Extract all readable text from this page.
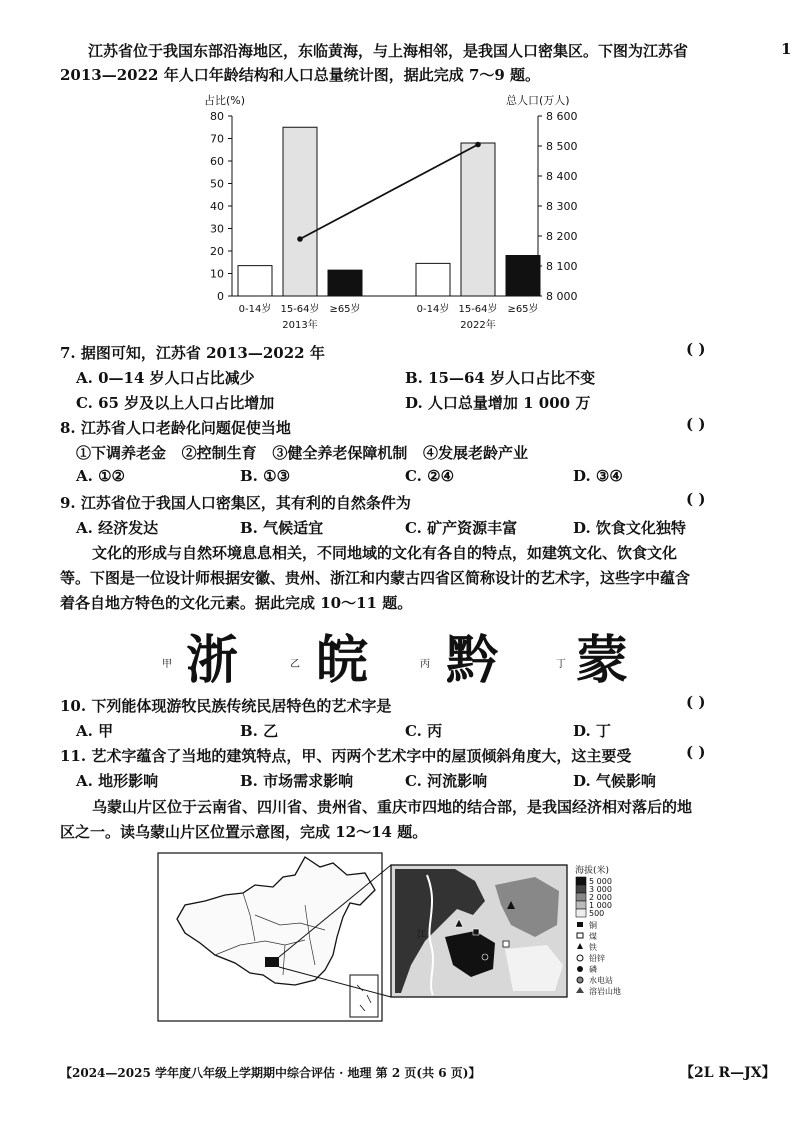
1
江苏省位于我国东部沿海地区，东临黄海，与上海相邻，是我国人口密集区。下图为江苏省
2013—2022 年人口年龄结构和人口总量统计图，据此完成 7～9 题。
占比(%)	总人口(万人)
0
10
20
30
40
50
60
70
80
8 000
8 100
8 200
8 300
8 400
8 500
8 600
0-14岁 15-64岁 ≥65岁
2013年
0-14岁 15-64岁 ≥65岁
2022年
7. 据图可知，江苏省 2013—2022 年	( )
A. 0—14 岁人口占比减少	B. 15—64 岁人口占比不变
C. 65 岁及以上人口占比增加	D. 人口总量增加 1 000 万
8. 江苏省人口老龄化问题促使当地	( )
①下调养老金   ②控制生育   ③健全养老保障机制   ④发展老龄产业
A. ①②	B. ①③	C. ②④	D. ③④
9. 江苏省位于我国人口密集区，其有利的自然条件为	( )
A. 经济发达	B. 气候适宜	C. 矿产资源丰富	D. 饮食文化独特
文化的形成与自然环境息息相关，不同地域的文化有各自的特点，如建筑文化、饮食文化
等。下图是一位设计师根据安徽、贵州、浙江和内蒙古四省区简称设计的艺术字，这些字中蕴含
着各自地方特色的文化元素。据此完成 10～11 题。
甲 浙	乙 皖	丙 黔	丁 蒙
10. 下列能体现游牧民族传统民居特色的艺术字是	( )
A. 甲	B. 乙	C. 丙	D. 丁
11. 艺术字蕴含了当地的建筑特点，甲、丙两个艺术字中的屋顶倾斜角度大，这主要受	( )
A. 地形影响	B. 市场需求影响	C. 河流影响	D. 气候影响
乌蒙山片区位于云南省、四川省、贵州省、重庆市四地的结合部，是我国经济相对落后的地
区之一。读乌蒙山片区位置示意图，完成 12～14 题。
江
海拔(米)
5 000
3 000
2 000
1 000
500
铜
煤
铁
铅锌
磷
水电站
溶岩山地
【2024—2025 学年度八年级上学期期中综合评估 · 地理 第 2 页(共 6 页)】	【2L R—JX】
